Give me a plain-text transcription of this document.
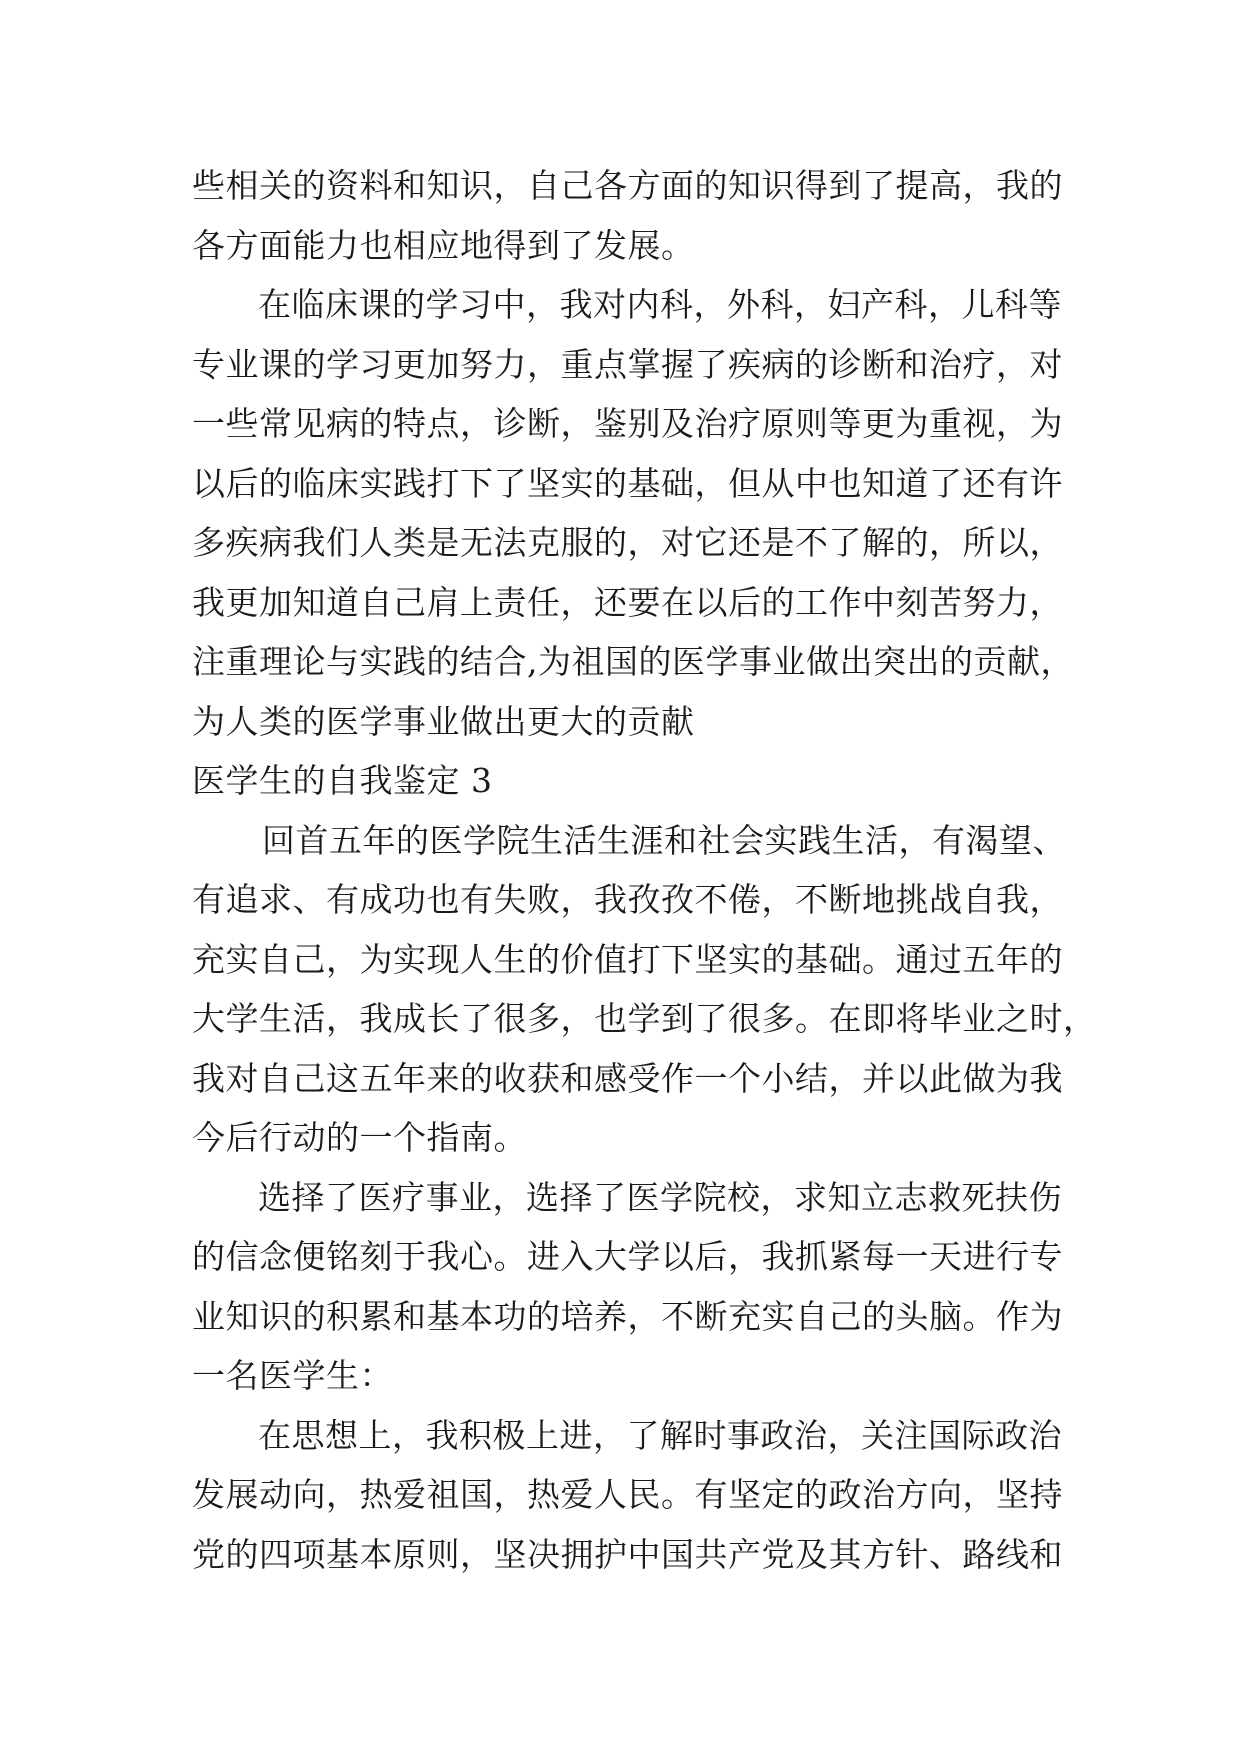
些相关的资料和知识，自己各方面的知识得到了提高，我的
各方面能力也相应地得到了发展。
在临床课的学习中，我对内科，外科，妇产科，儿科等
专业课的学习更加努力，重点掌握了疾病的诊断和治疗，对
一些常见病的特点，诊断，鉴别及治疗原则等更为重视，为
以后的临床实践打下了坚实的基础，但从中也知道了还有许
多疾病我们人类是无法克服的，对它还是不了解的，所以，
我更加知道自己肩上责任，还要在以后的工作中刻苦努力，
注重理论与实践的结合,为祖国的医学事业做出突出的贡献，
为人类的医学事业做出更大的贡献
医学生的自我鉴定 3
回首五年的医学院生活生涯和社会实践生活，有渴望、
有追求、有成功也有失败，我孜孜不倦，不断地挑战自我，
充实自己，为实现人生的价值打下坚实的基础。通过五年的
大学生活，我成长了很多，也学到了很多。在即将毕业之时，
我对自己这五年来的收获和感受作一个小结，并以此做为我
今后行动的一个指南。
选择了医疗事业，选择了医学院校，求知立志救死扶伤
的信念便铭刻于我心。进入大学以后，我抓紧每一天进行专
业知识的积累和基本功的培养，不断充实自己的头脑。作为
一名医学生：
在思想上，我积极上进，了解时事政治，关注国际政治
发展动向，热爱祖国，热爱人民。有坚定的政治方向，坚持
党的四项基本原则，坚决拥护中国共产党及其方针、路线和
